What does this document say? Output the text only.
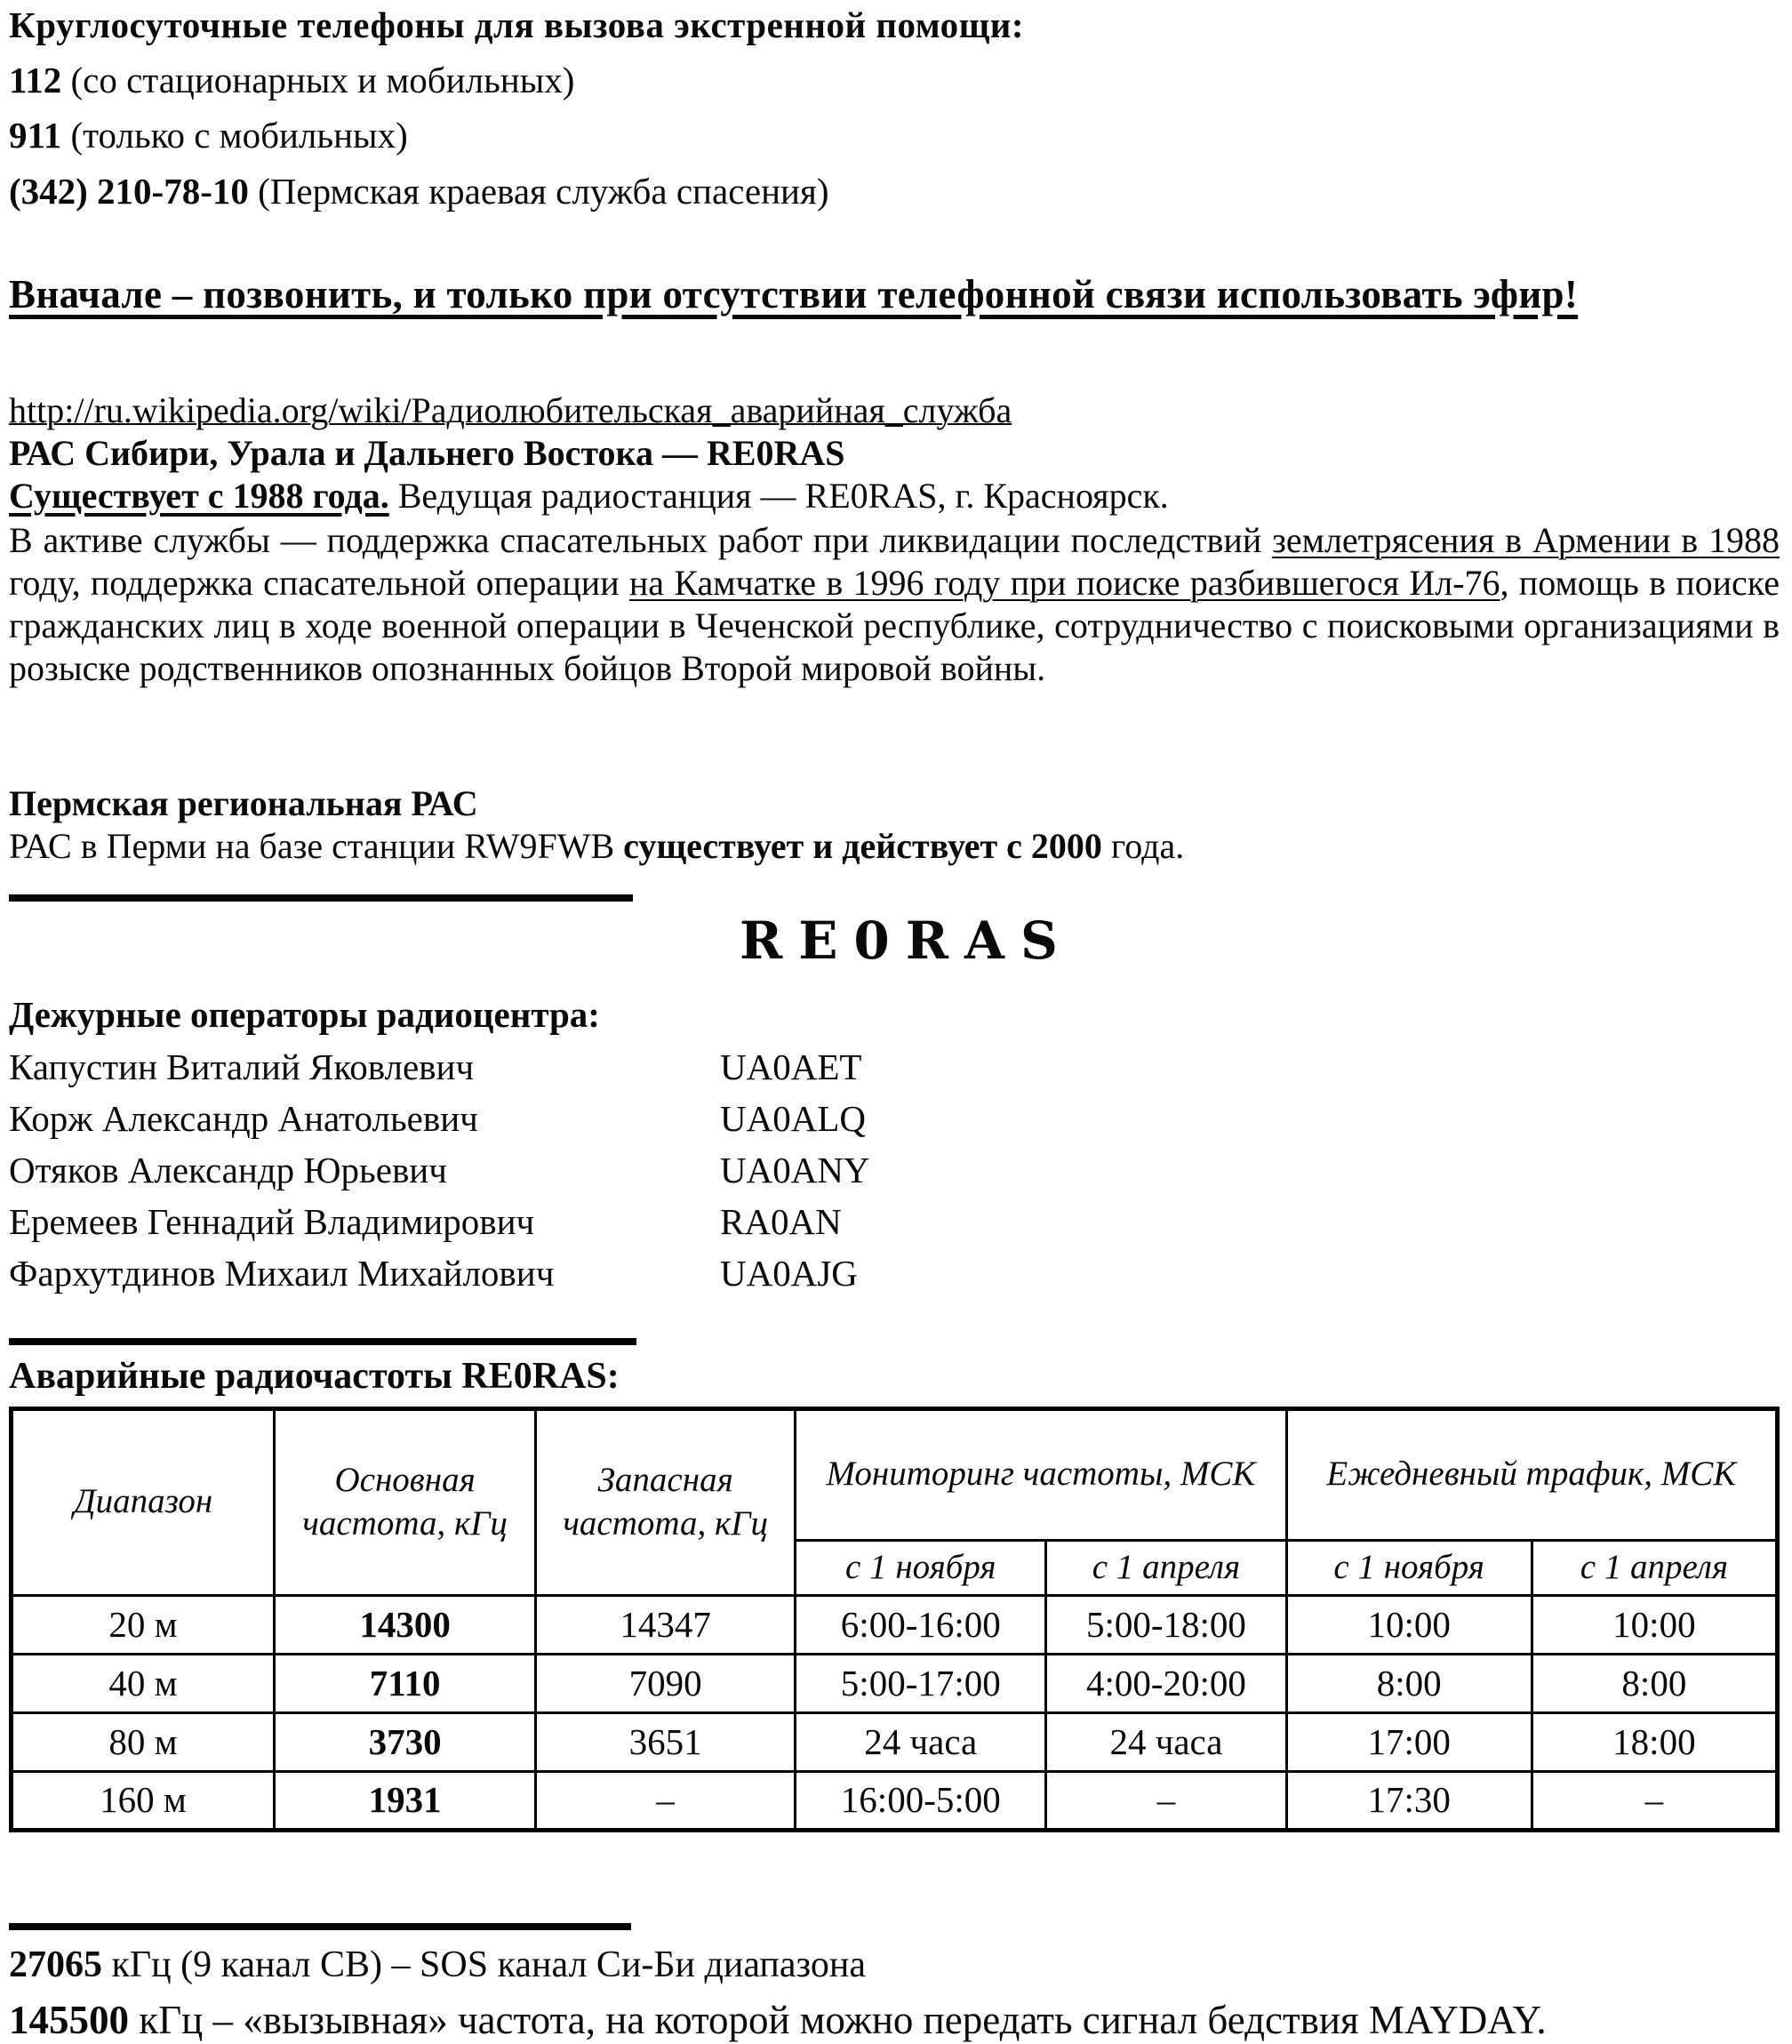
Круглосуточные телефоны для вызова экстренной помощи:
112 (со стационарных и мобильных)
911 (только с мобильных)
(342) 210-78-10 (Пермская краевая служба спасения)
Вначале – позвонить, и только при отсутствии телефонной связи использовать эфир!
http://ru.wikipedia.org/wiki/Радиолюбительская_аварийная_служба
РАС Сибири, Урала и Дальнего Востока — RE0RAS
Существует с 1988 года. Ведущая радиостанция — RE0RAS, г. Красноярск.
В активе службы — поддержка спасательных работ при ликвидации последствий землетрясения в Армении в 1988 году, поддержка спасательной операции на Камчатке в 1996 году при поиске разбившегося Ил-76, помощь в поиске гражданских лиц в ходе военной операции в Чеченской республике, сотрудничество с поисковыми организациями в розыске родственников опознанных бойцов Второй мировой войны.
Пермская региональная РАС
РАС в Перми на базе станции RW9FWB существует и действует с 2000 года.
RE0RAS
Дежурные операторы радиоцентра:
Капустин Виталий Яковлевич	UA0AET
Корж Александр Анатольевич	UA0ALQ
Отяков Александр Юрьевич	UA0ANY
Еремеев Геннадий Владимирович	RA0AN
Фархутдинов Михаил Михайлович	UA0AJG
Аварийные радиочастоты RE0RAS:
Диапазон	Основная частота, кГц	Запасная частота, кГц	Мониторинг частоты, МСК		Ежедневный трафик, МСК	
			с 1 ноября	с 1 апреля	с 1 ноября	с 1 апреля
20 м	14300	14347	6:00-16:00	5:00-18:00	10:00	10:00
40 м	7110	7090	5:00-17:00	4:00-20:00	8:00	8:00
80 м	3730	3651	24 часа	24 часа	17:00	18:00
160 м	1931	–	16:00-5:00	–	17:30	–
27065 кГц (9 канал СВ) – SOS канал Си-Би диапазона
145500 кГц – «вызывная» частота, на которой можно передать сигнал бедствия MAYDAY.
